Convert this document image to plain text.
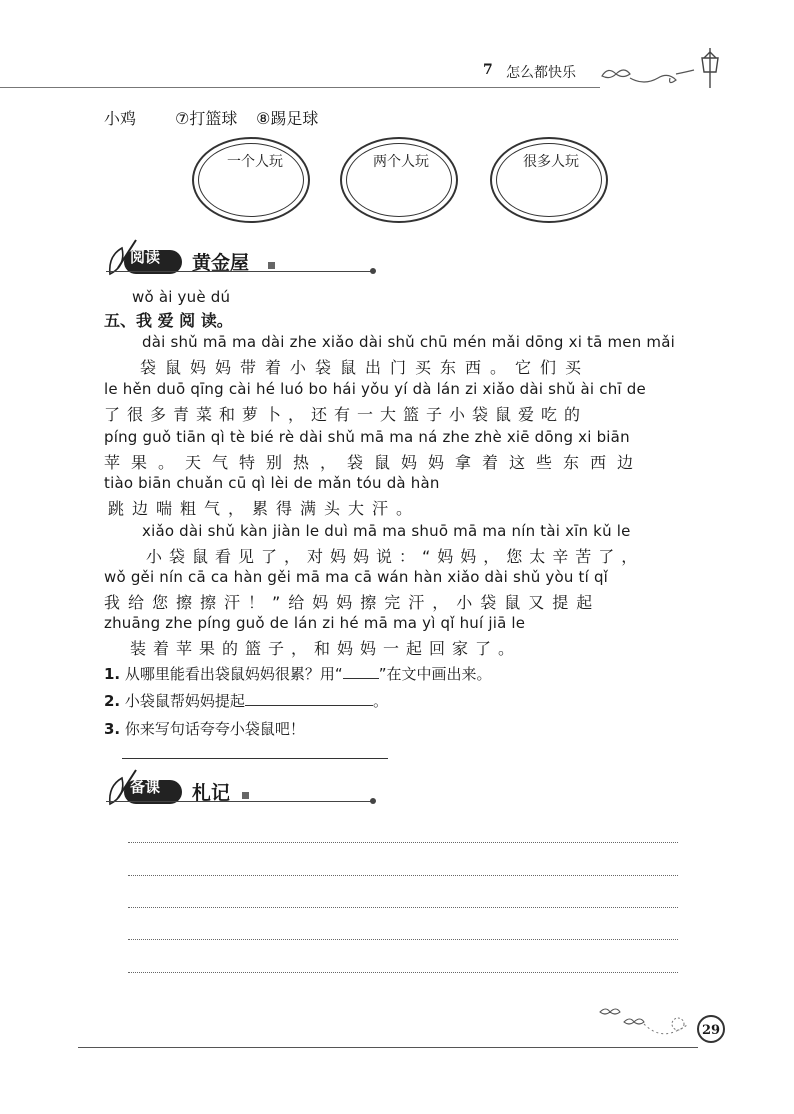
7 怎么都快乐
小鸡 ⑦打篮球 ⑧踢足球
一个人玩	两个人玩	很多人玩
阅读 黄金屋
wǒ ài yuè dú
五、我 爱 阅 读。
dài shǔ mā ma dài zhe xiǎo dài shǔ chū mén mǎi dōng xi tā men mǎi
袋鼠妈妈带着小袋鼠出门买东西。它们买
le hěn duō qīng cài hé luó bo hái yǒu yí dà lán zi xiǎo dài shǔ ài chī de
了很多青菜和萝卜，还有一大篮子小袋鼠爱吃的
píng guǒ tiān qì tè bié rè dài shǔ mā ma ná zhe zhè xiē dōng xi biān
苹果。天气特别热，袋鼠妈妈拿着这些东西边
tiào biān chuǎn cū qì lèi de mǎn tóu dà hàn
跳边喘粗气，累得满头大汗。
xiǎo dài shǔ kàn jiàn le duì mā ma shuō mā ma nín tài xīn kǔ le
小袋鼠看见了，对妈妈说：“妈妈，您太辛苦了，
wǒ gěi nín cā ca hàn gěi mā ma cā wán hàn xiǎo dài shǔ yòu tí qǐ
我给您擦擦汗！”给妈妈擦完汗，小袋鼠又提起
zhuāng zhe píng guǒ de lán zi hé mā ma yì qǐ huí jiā le
装着苹果的篮子，和妈妈一起回家了。
1. 从哪里能看出袋鼠妈妈很累？用“ ”在文中画出来。
2. 小袋鼠帮妈妈提起	。
3. 你来写句话夸夸小袋鼠吧！
备课 札记
29
